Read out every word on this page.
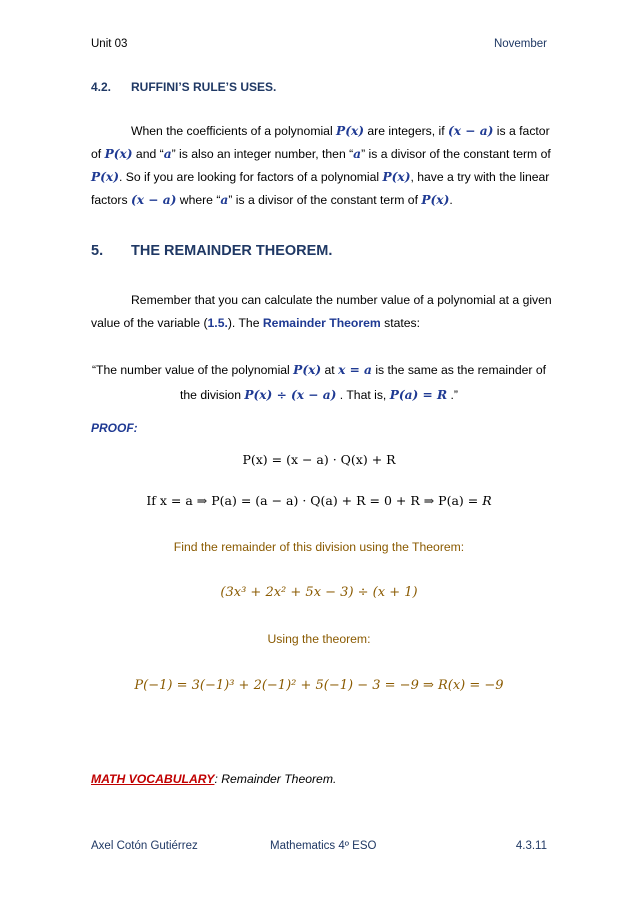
Unit 03	November
4.2. RUFFINI’S RULE’S USES.
When the coefficients of a polynomial P(x) are integers, if (x − a) is a factor
of P(x) and “a” is also an integer number, then “a” is a divisor of the constant term of
P(x). So if you are looking for factors of a polynomial P(x), have a try with the linear
factors (x − a) where “a” is a divisor of the constant term of P(x).
5. THE REMAINDER THEOREM.
Remember that you can calculate the number value of a polynomial at a given
value of the variable (1.5.). The Remainder Theorem states:
“The number value of the polynomial P(x) at x = a is the same as the remainder of
the division P(x) ÷ (x − a) . That is, P(a) = R .”
PROOF:
P(x) = (x − a) · Q(x) + R
If x = a ⇒ P(a) = (a − a) · Q(a) + R = 0 + R ⇒ P(a) = R
Find the remainder of this division using the Theorem:
(3x³ + 2x² + 5x − 3) ÷ (x + 1)
Using the theorem:
P(−1) = 3(−1)³ + 2(−1)² + 5(−1) − 3 = −9 ⇒ R(x) = −9
MATH VOCABULARY: Remainder Theorem.
Axel Cotón Gutiérrez	Mathematics 4º ESO	4.3.11
